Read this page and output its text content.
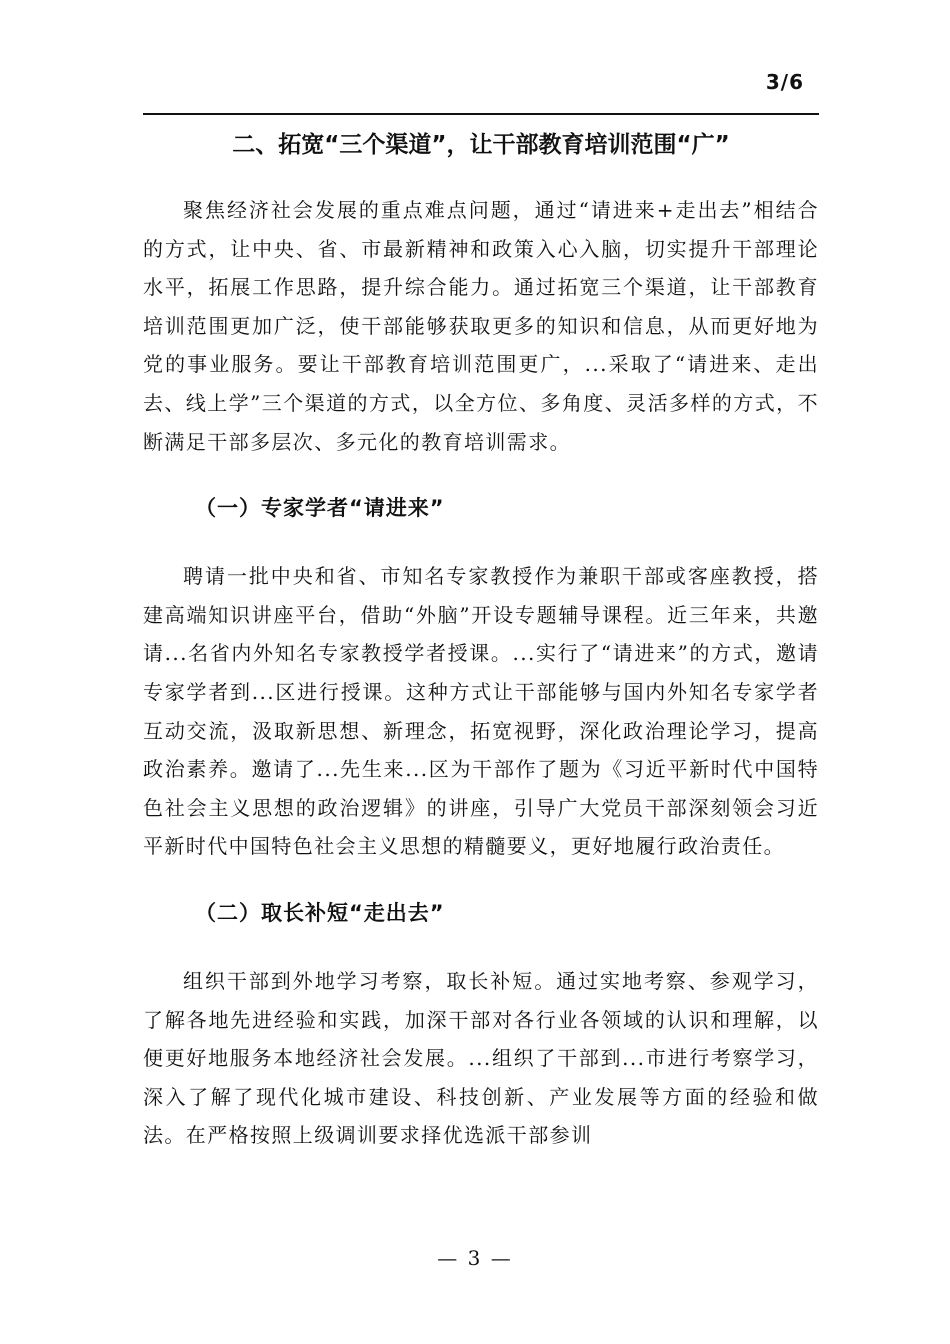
3/6
二、拓宽“三个渠道”，让干部教育培训范围“广”

聚焦经济社会发展的重点难点问题，通过“请进来+走出去”相结合的方式，让中央、省、市最新精神和政策入心入脑，切实提升干部理论水平，拓展工作思路，提升综合能力。通过拓宽三个渠道，让干部教育培训范围更加广泛，使干部能够获取更多的知识和信息，从而更好地为党的事业服务。要让干部教育培训范围更广，...采取了“请进来、走出去、线上学”三个渠道的方式，以全方位、多角度、灵活多样的方式，不断满足干部多层次、多元化的教育培训需求。

（一）专家学者“请进来”

聘请一批中央和省、市知名专家教授作为兼职干部或客座教授，搭建高端知识讲座平台，借助“外脑”开设专题辅导课程。近三年来，共邀请...名省内外知名专家教授学者授课。...实行了“请进来”的方式，邀请专家学者到...区进行授课。这种方式让干部能够与国内外知名专家学者互动交流，汲取新思想、新理念，拓宽视野，深化政治理论学习，提高政治素养。邀请了...先生来...区为干部作了题为《习近平新时代中国特色社会主义思想的政治逻辑》的讲座，引导广大党员干部深刻领会习近平新时代中国特色社会主义思想的精髓要义，更好地履行政治责任。

（二）取长补短“走出去”

组织干部到外地学习考察，取长补短。通过实地考察、参观学习，了解各地先进经验和实践，加深干部对各行业各领域的认识和理解，以便更好地服务本地经济社会发展。...组织了干部到...市进行考察学习，深入了解了现代化城市建设、科技创新、产业发展等方面的经验和做法。在严格按照上级调训要求择优选派干部参训

— 3 —
